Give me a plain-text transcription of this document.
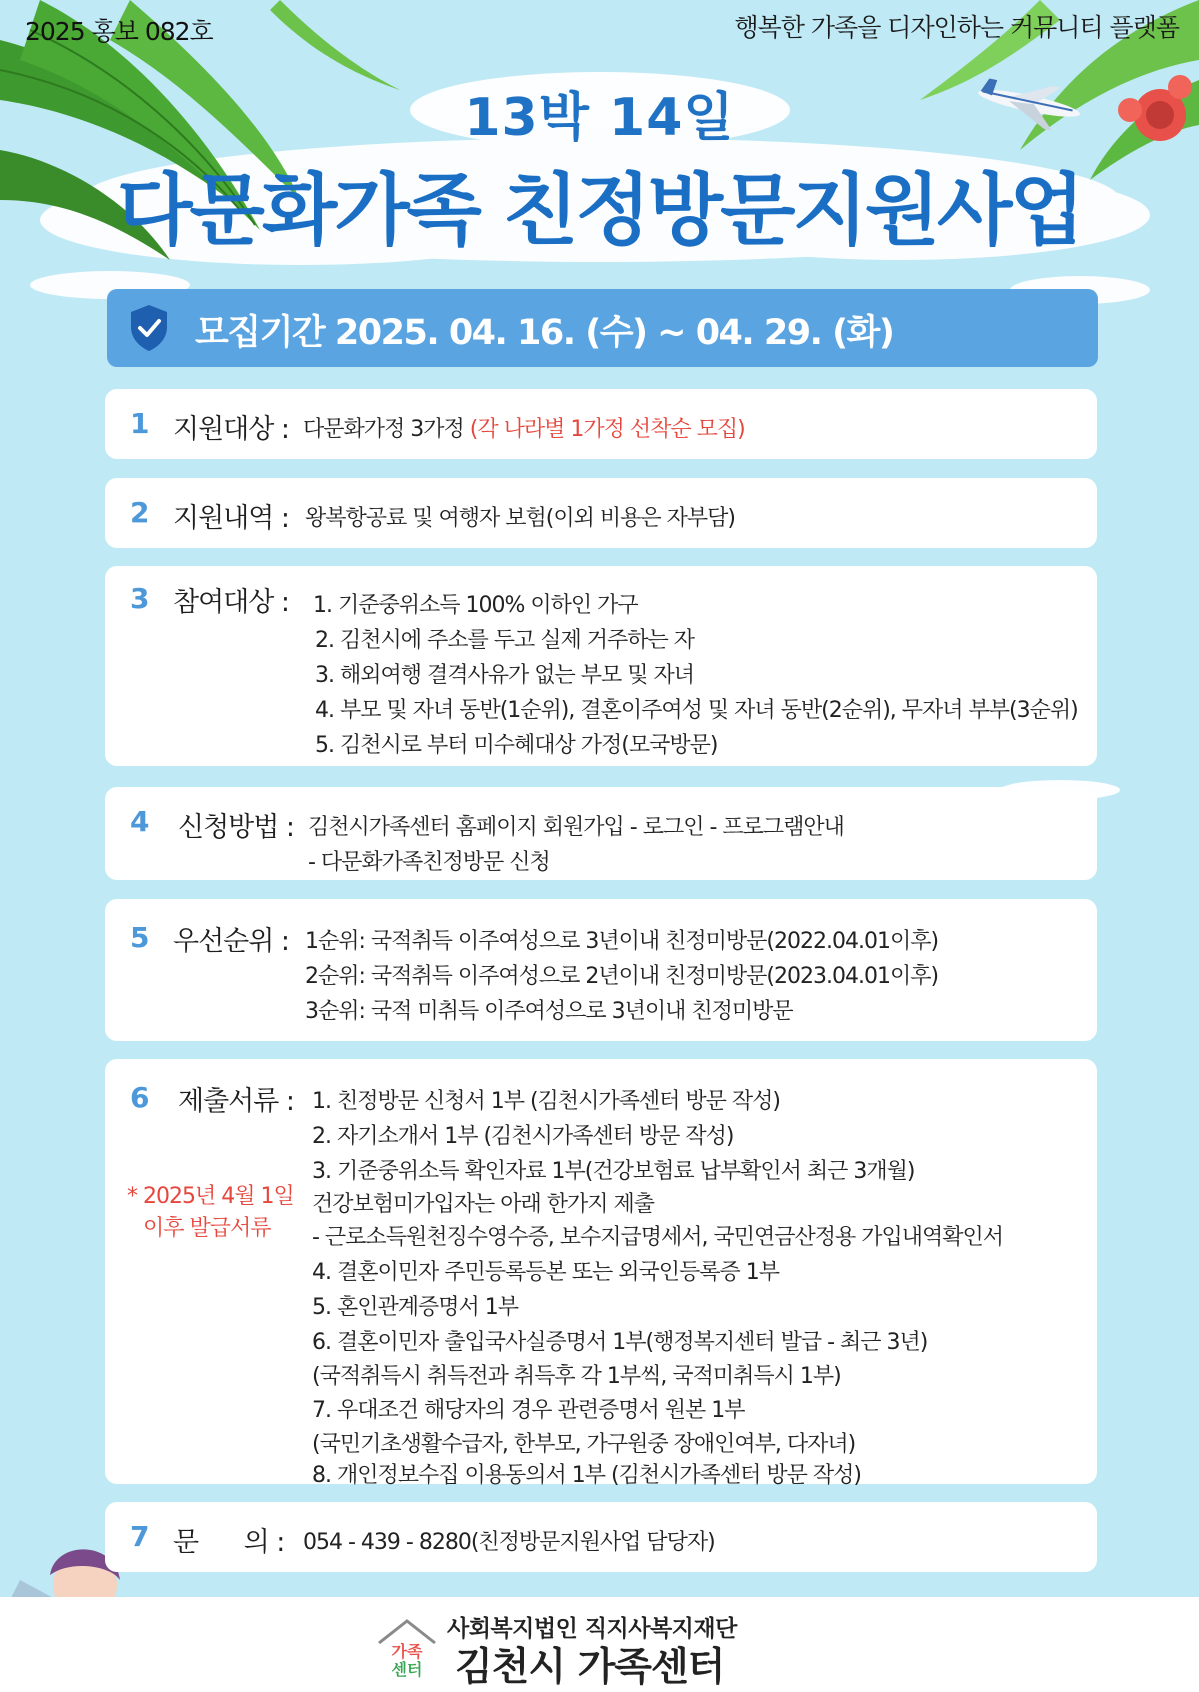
2025 홍보 082호	행복한 가족을 디자인하는 커뮤니티 플랫폼
13박 14일
다문화가족 친정방문지원사업
모집기간 2025. 04. 16. (수) ~ 04. 29. (화)
1 지원대상 : 다문화가정 3가정 (각 나라별 1가정 선착순 모집)
2 지원내역 : 왕복항공료 및 여행자 보험(이외 비용은 자부담)
3 참여대상 : 1. 기준중위소득 100% 이하인 가구
2. 김천시에 주소를 두고 실제 거주하는 자
3. 해외여행 결격사유가 없는 부모 및 자녀
4. 부모 및 자녀 동반(1순위), 결혼이주여성 및 자녀 동반(2순위), 무자녀 부부(3순위)
5. 김천시로 부터 미수혜대상 가정(모국방문)
4 신청방법 : 김천시가족센터 홈페이지 회원가입 - 로그인 - 프로그램안내
- 다문화가족친정방문 신청
5 우선순위 : 1순위: 국적취득 이주여성으로 3년이내 친정미방문(2022.04.01이후)
2순위: 국적취득 이주여성으로 2년이내 친정미방문(2023.04.01이후)
3순위: 국적 미취득 이주여성으로 3년이내 친정미방문
6 제출서류 :
* 2025년 4월 1일
이후 발급서류
1. 친정방문 신청서 1부 (김천시가족센터 방문 작성)
2. 자기소개서 1부 (김천시가족센터 방문 작성)
3. 기준중위소득 확인자료 1부(건강보험료 납부확인서 최근 3개월)
건강보험미가입자는 아래 한가지 제출
- 근로소득원천징수영수증, 보수지급명세서, 국민연금산정용 가입내역확인서
4. 결혼이민자 주민등록등본 또는 외국인등록증 1부
5. 혼인관계증명서 1부
6. 결혼이민자 출입국사실증명서 1부(행정복지센터 발급 - 최근 3년)
(국적취득시 취득전과 취득후 각 1부씩, 국적미취득시 1부)
7. 우대조건 해당자의 경우 관련증명서 원본 1부
(국민기초생활수급자, 한부모, 가구원중 장애인여부, 다자녀)
8. 개인정보수집 이용동의서 1부 (김천시가족센터 방문 작성)
7 문      의 : 054 - 439 - 8280(친정방문지원사업 담당자)
가족
센터
사회복지법인 직지사복지재단
김천시 가족센터
